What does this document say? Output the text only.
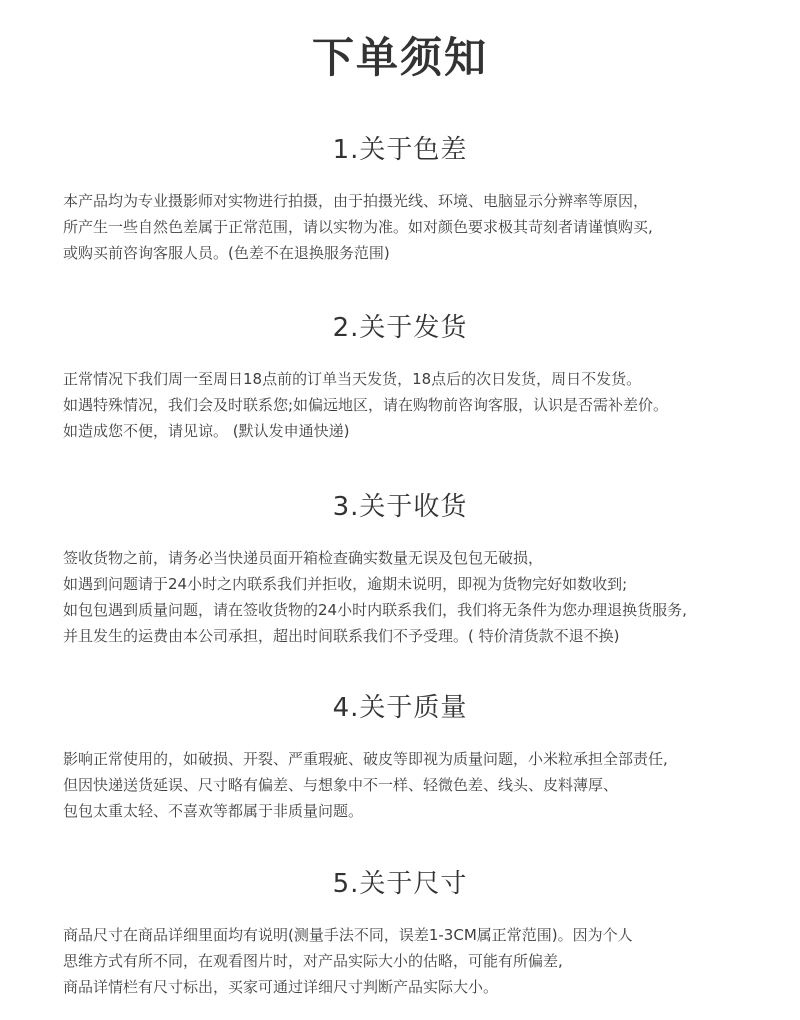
下单须知
1.关于色差
本产品均为专业摄影师对实物进行拍摄，由于拍摄光线、环境、电脑显示分辨率等原因，
所产生一些自然色差属于正常范围，请以实物为准。如对颜色要求极其苛刻者请谨慎购买,
或购买前咨询客服人员。(色差不在退换服务范围)
2.关于发货
正常情况下我们周一至周日18点前的订单当天发货，18点后的次日发货，周日不发货。
如遇特殊情况，我们会及时联系您;如偏远地区，请在购物前咨询客服，认识是否需补差价。
如造成您不便，请见谅。 (默认发申通快递)
3.关于收货
签收货物之前，请务必当快递员面开箱检查确实数量无误及包包无破损，
如遇到问题请于24小时之内联系我们并拒收，逾期未说明，即视为货物完好如数收到;
如包包遇到质量问题，请在签收货物的24小时内联系我们，我们将无条件为您办理退换货服务,
并且发生的运费由本公司承担，超出时间联系我们不予受理。( 特价清货款不退不换)
4.关于质量
影响正常使用的，如破损、开裂、严重瑕疵、破皮等即视为质量问题，小米粒承担全部责任,
但因快递送货延误、尺寸略有偏差、与想象中不一样、轻微色差、线头、皮料薄厚、
包包太重太轻、不喜欢等都属于非质量问题。
5.关于尺寸
商品尺寸在商品详细里面均有说明(测量手法不同，误差1-3CM属正常范围)。因为个人
思维方式有所不同，在观看图片时，对产品实际大小的估略，可能有所偏差,
商品详情栏有尺寸标出，买家可通过详细尺寸判断产品实际大小。
